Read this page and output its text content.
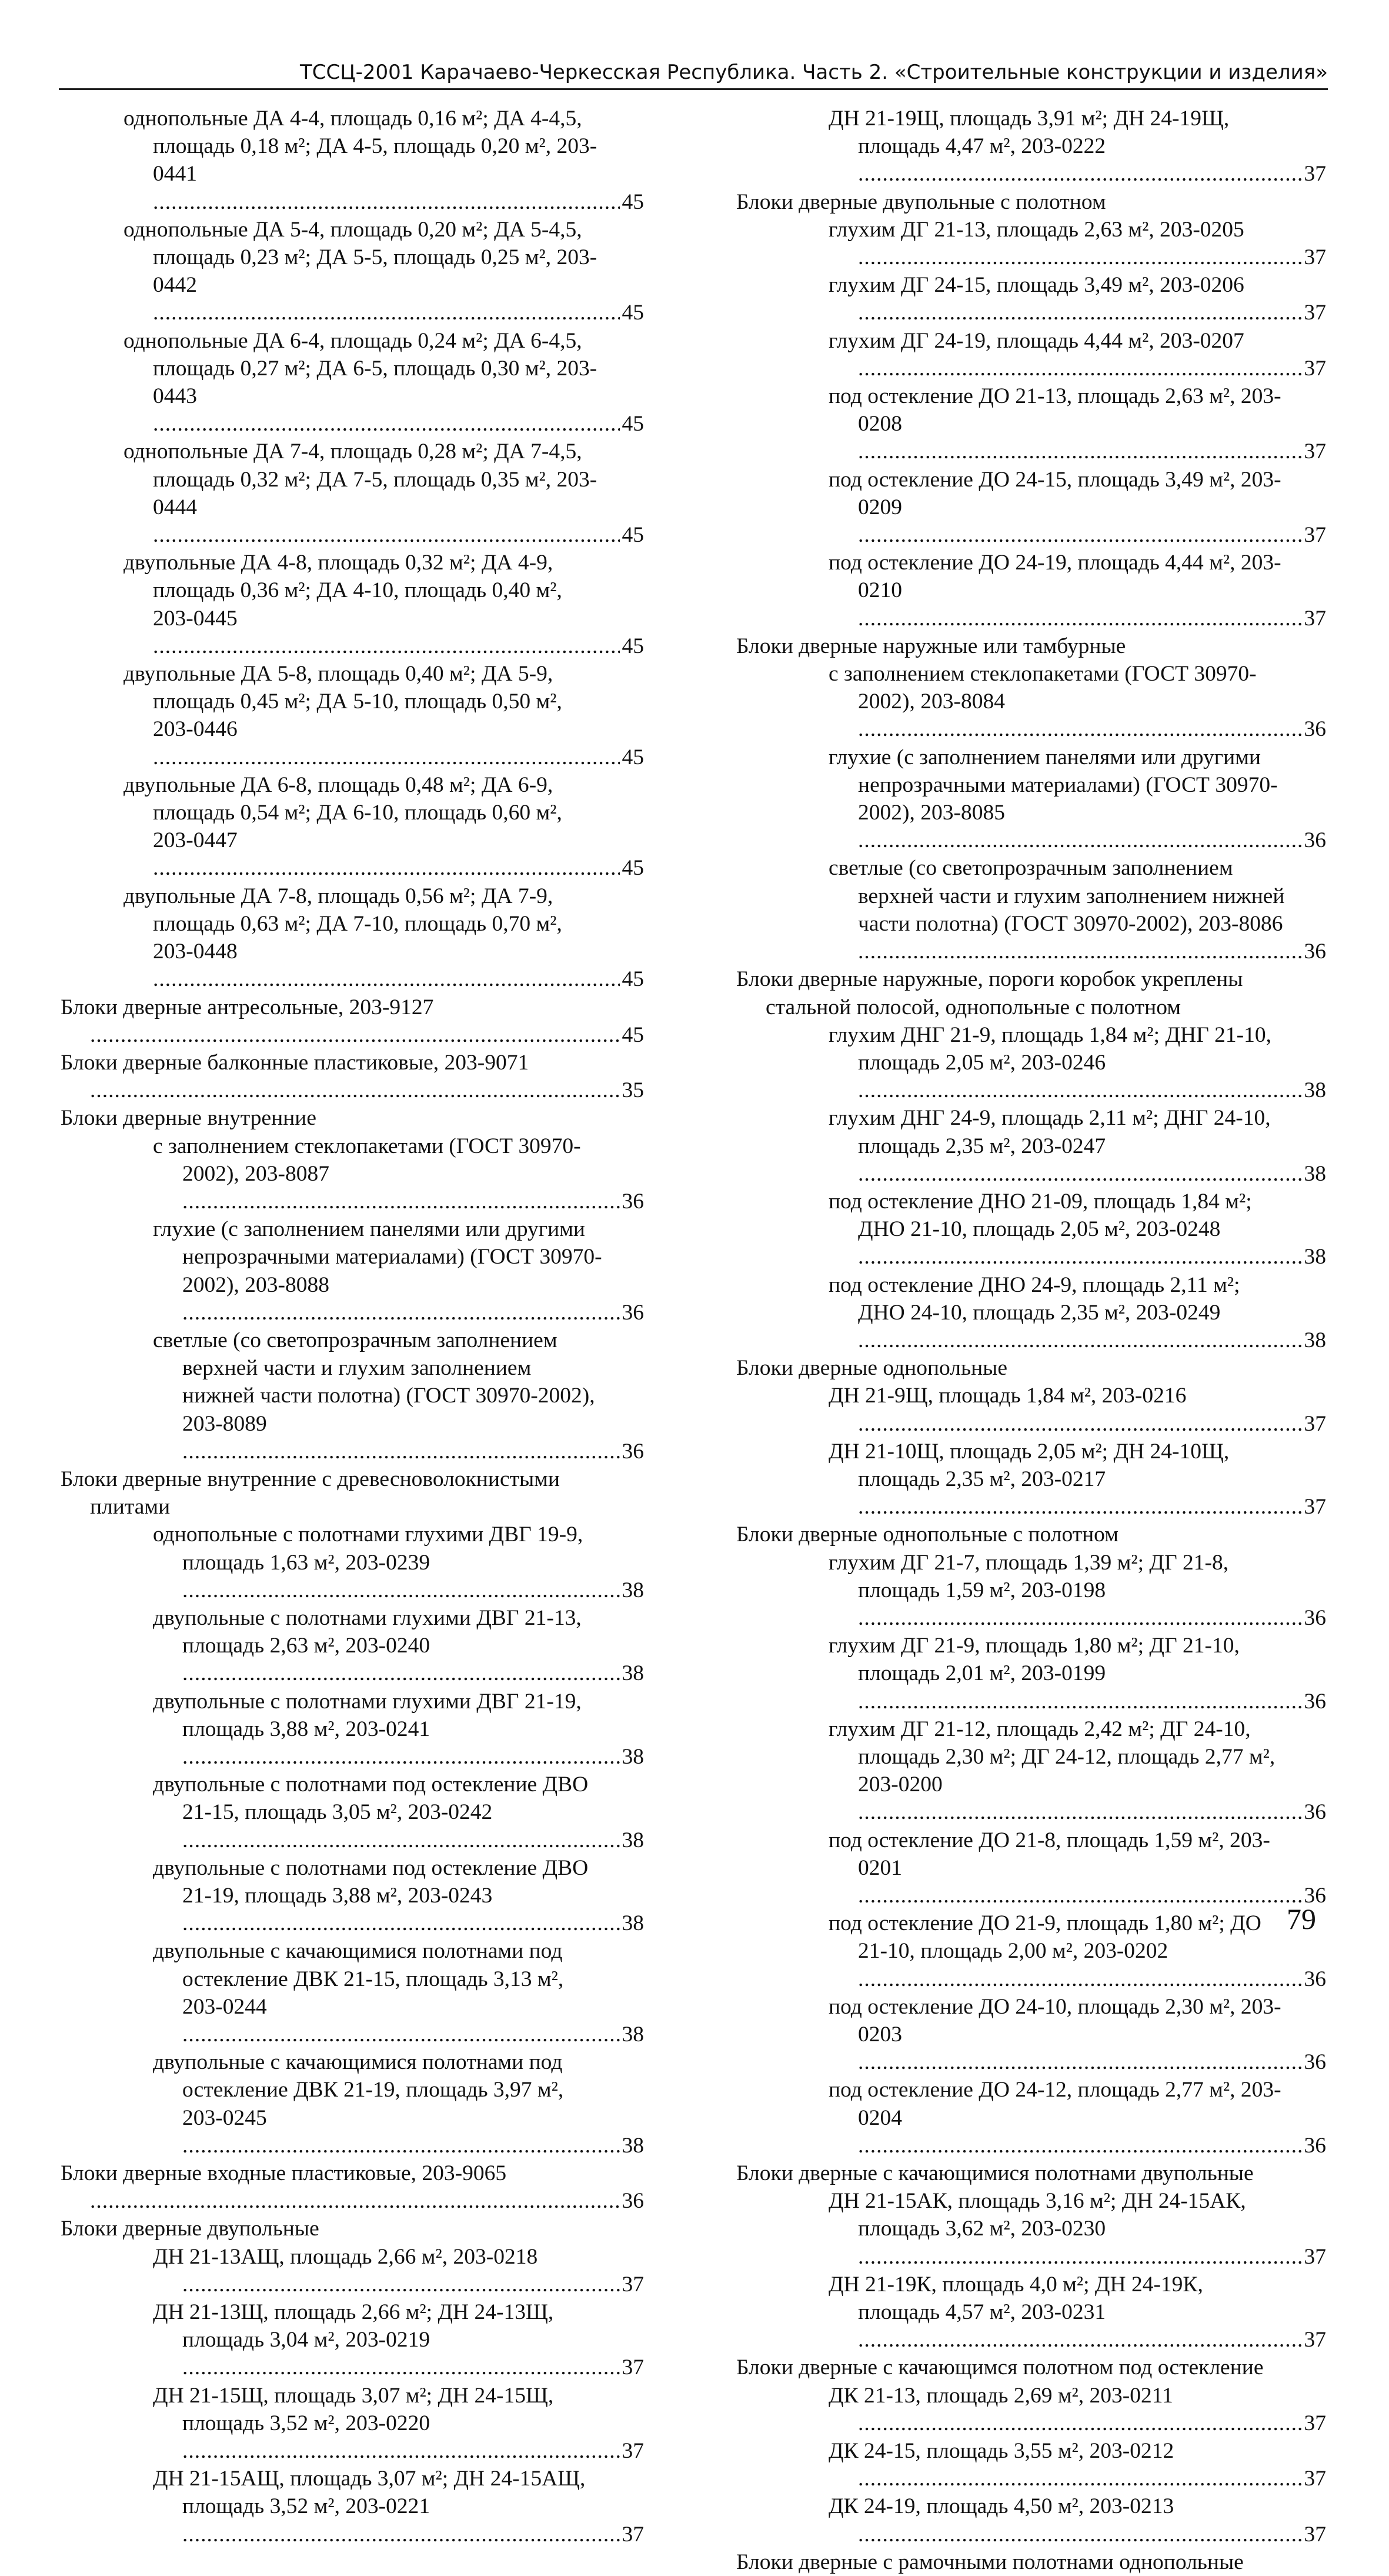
ТССЦ-2001 Карачаево-Черкесская Республика. Часть 2. «Строительные конструкции и изделия»
однопольные ДА 4-4, площадь 0,16 м²; ДА 4-4,5, площадь 0,18 м²; ДА 4-5, площадь 0,20 м², 203-0441 .....
45
однопольные ДА 5-4, площадь 0,20 м²; ДА 5-4,5, площадь 0,23 м²; ДА 5-5, площадь 0,25 м², 203-0442 .....
45
однопольные ДА 6-4, площадь 0,24 м²; ДА 6-4,5, площадь 0,27 м²; ДА 6-5, площадь 0,30 м², 203-0443 .....
45
однопольные ДА 7-4, площадь 0,28 м²; ДА 7-4,5, площадь 0,32 м²; ДА 7-5, площадь 0,35 м², 203-0444 .....
45
двупольные ДА 4-8, площадь 0,32 м²; ДА 4-9, площадь 0,36 м²; ДА 4-10, площадь 0,40 м², 203-0445 .....
45
двупольные ДА 5-8, площадь 0,40 м²; ДА 5-9, площадь 0,45 м²; ДА 5-10, площадь 0,50 м², 203-0446 .....
45
двупольные ДА 6-8, площадь 0,48 м²; ДА 6-9, площадь 0,54 м²; ДА 6-10, площадь 0,60 м², 203-0447 .....
45
двупольные ДА 7-8, площадь 0,56 м²; ДА 7-9, площадь 0,63 м²; ДА 7-10, площадь 0,70 м², 203-0448 .....
45
Блоки дверные антресольные, 203-9127 .....
45
Блоки дверные балконные пластиковые, 203-9071 .....
35
Блоки дверные внутренние
с заполнением стеклопакетами (ГОСТ 30970-2002), 203-8087 .....
36
глухие (с заполнением панелями или другими непрозрачными материалами) (ГОСТ 30970-2002), 203-8088 .....
36
светлые (со светопрозрачным заполнением верхней части и глухим заполнением нижней части полотна) (ГОСТ 30970-2002), 203-8089 .....
36
Блоки дверные внутренние с древесноволокнистыми плитами
однопольные с полотнами глухими ДВГ 19-9, площадь 1,63 м², 203-0239 .....
38
двупольные с полотнами глухими ДВГ 21-13, площадь 2,63 м², 203-0240 .....
38
двупольные с полотнами глухими ДВГ 21-19, площадь 3,88 м², 203-0241 .....
38
двупольные с полотнами под остекление ДВО 21-15, площадь 3,05 м², 203-0242 .....
38
двупольные с полотнами под остекление ДВО 21-19, площадь 3,88 м², 203-0243 .....
38
двупольные с качающимися полотнами под остекление ДВК 21-15, площадь 3,13 м², 203-0244 .....
38
двупольные с качающимися полотнами под остекление ДВК 21-19, площадь 3,97 м², 203-0245 .....
38
Блоки дверные входные пластиковые, 203-9065 .....
36
Блоки дверные двупольные
ДН 21-13АЩ, площадь 2,66 м², 203-0218 .....
37
ДН 21-13Щ, площадь 2,66 м²; ДН 24-13Щ, площадь 3,04 м², 203-0219 .....
37
ДН 21-15Щ, площадь 3,07 м²; ДН 24-15Щ, площадь 3,52 м², 203-0220 .....
37
ДН 21-15АЩ, площадь 3,07 м²; ДН 24-15АЩ, площадь 3,52 м², 203-0221 .....
37
ДН 21-19Щ, площадь 3,91 м²; ДН 24-19Щ, площадь 4,47 м², 203-0222 .....
37
Блоки дверные двупольные с полотном
глухим ДГ 21-13, площадь 2,63 м², 203-0205 .....
37
глухим ДГ 24-15, площадь 3,49 м², 203-0206 .....
37
глухим ДГ 24-19, площадь 4,44 м², 203-0207 .....
37
под остекление ДО 21-13, площадь 2,63 м², 203-0208 .....
37
под остекление ДО 24-15, площадь 3,49 м², 203-0209 .....
37
под остекление ДО 24-19, площадь 4,44 м², 203-0210 .....
37
Блоки дверные наружные или тамбурные
с заполнением стеклопакетами (ГОСТ 30970-2002), 203-8084 .....
36
глухие (с заполнением панелями или другими непрозрачными материалами) (ГОСТ 30970-2002), 203-8085 .....
36
светлые (со светопрозрачным заполнением верхней части и глухим заполнением нижней части полотна) (ГОСТ 30970-2002), 203-8086 .....
36
Блоки дверные наружные, пороги коробок укреплены стальной полосой, однопольные с полотном
глухим ДНГ 21-9, площадь 1,84 м²; ДНГ 21-10, площадь 2,05 м², 203-0246 .....
38
глухим ДНГ 24-9, площадь 2,11 м²; ДНГ 24-10, площадь 2,35 м², 203-0247 .....
38
под остекление ДНО 21-09, площадь 1,84 м²; ДНО 21-10, площадь 2,05 м², 203-0248 .....
38
под остекление ДНО 24-9, площадь 2,11 м²; ДНО 24-10, площадь 2,35 м², 203-0249 .....
38
Блоки дверные однопольные
ДН 21-9Щ, площадь 1,84 м², 203-0216 .....
37
ДН 21-10Щ, площадь 2,05 м²; ДН 24-10Щ, площадь 2,35 м², 203-0217 .....
37
Блоки дверные однопольные с полотном
глухим ДГ 21-7, площадь 1,39 м²; ДГ 21-8, площадь 1,59 м², 203-0198 .....
36
глухим ДГ 21-9, площадь 1,80 м²; ДГ 21-10, площадь 2,01 м², 203-0199 .....
36
глухим ДГ 21-12, площадь 2,42 м²; ДГ 24-10, площадь 2,30 м²; ДГ 24-12, площадь 2,77 м², 203-0200 .....
36
под остекление ДО 21-8, площадь 1,59 м², 203-0201 .....
36
под остекление ДО 21-9, площадь 1,80 м²; ДО 21-10, площадь 2,00 м², 203-0202 .....
36
под остекление ДО 24-10, площадь 2,30 м², 203-0203 .....
36
под остекление ДО 24-12, площадь 2,77 м², 203-0204 .....
36
Блоки дверные с качающимися полотнами двупольные
ДН 21-15АК, площадь 3,16 м²; ДН 24-15АК, площадь 3,62 м², 203-0230 .....
37
ДН 21-19К, площадь 4,0 м²; ДН 24-19К, площадь 4,57 м², 203-0231 .....
37
Блоки дверные с качающимся полотном под остекление
ДК 21-13, площадь 2,69 м², 203-0211 .....
37
ДК 24-15, площадь 3,55 м², 203-0212 .....
37
ДК 24-19, площадь 4,50 м², 203-0213 .....
37
Блоки дверные с рамочными полотнами однопольные
79
